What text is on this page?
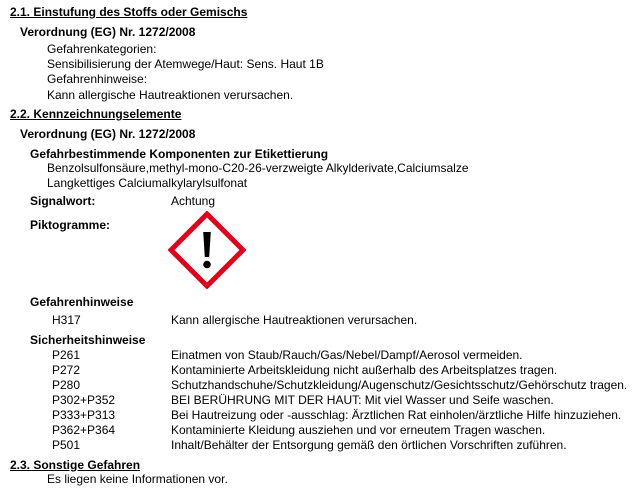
2.1. Einstufung des Stoffs oder Gemischs
Verordnung (EG) Nr. 1272/2008
Gefahrenkategorien:
Sensibilisierung der Atemwege/Haut: Sens. Haut 1B
Gefahrenhinweise:
Kann allergische Hautreaktionen verursachen.
2.2. Kennzeichnungselemente
Verordnung (EG) Nr. 1272/2008
Gefahrbestimmende Komponenten zur Etikettierung
Benzolsulfonsäure,methyl-mono-C20-26-verzweigte Alkylderivate,Calciumsalze
Langkettiges Calciumalkylarylsulfonat
Signalwort:	Achtung
Piktogramme:
Gefahrenhinweise
H317	Kann allergische Hautreaktionen verursachen.
Sicherheitshinweise
P261	Einatmen von Staub/Rauch/Gas/Nebel/Dampf/Aerosol vermeiden.
P272	Kontaminierte Arbeitskleidung nicht außerhalb des Arbeitsplatzes tragen.
P280	Schutzhandschuhe/Schutzkleidung/Augenschutz/Gesichtsschutz/Gehörschutz tragen.
P302+P352	BEI BERÜHRUNG MIT DER HAUT: Mit viel Wasser und Seife waschen.
P333+P313	Bei Hautreizung oder -ausschlag: Ärztlichen Rat einholen/ärztliche Hilfe hinzuziehen.
P362+P364	Kontaminierte Kleidung ausziehen und vor erneutem Tragen waschen.
P501	Inhalt/Behälter der Entsorgung gemäß den örtlichen Vorschriften zuführen.
2.3. Sonstige Gefahren
Es liegen keine Informationen vor.
